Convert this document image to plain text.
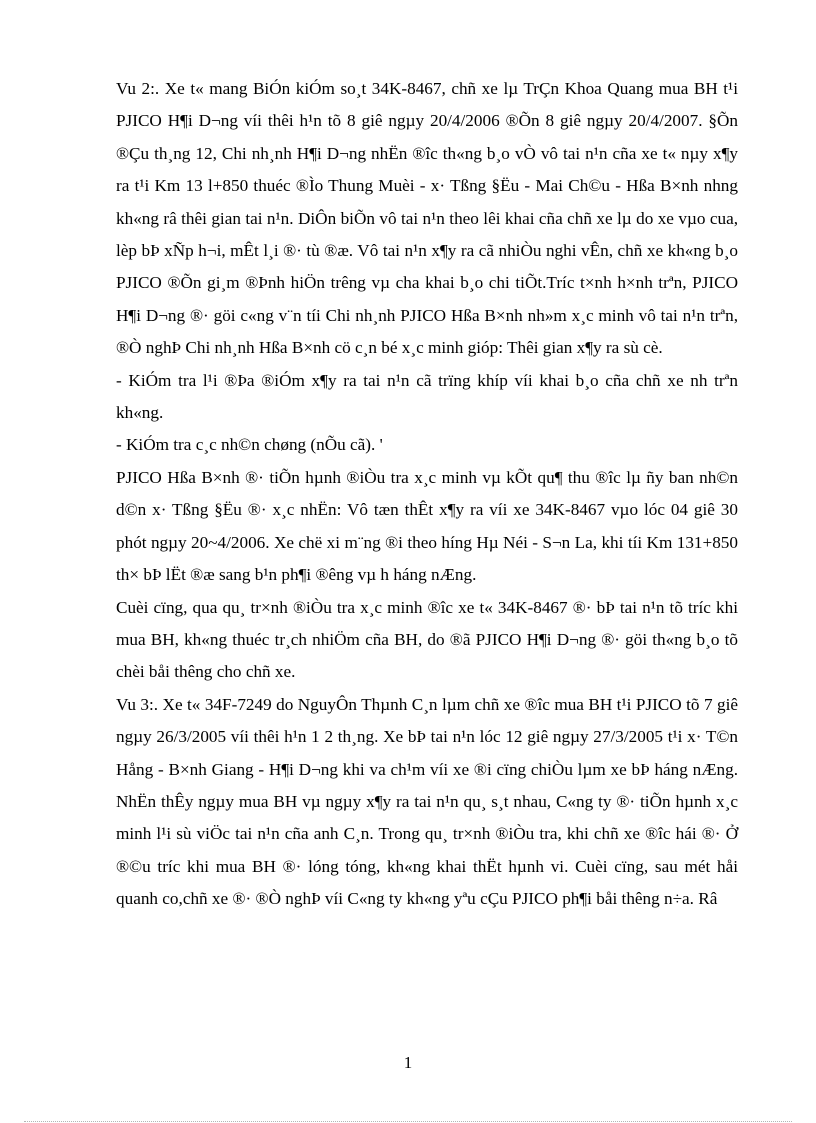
Vu 2:. Xe t« mang BiÓn kiÓm so¸t 34K-8467, chñ xe lµ TrÇn Khoa Quang mua BH t¹i PJICO H¶i D¬ng víi thêi h¹n tõ 8 giê ngµy 20/4/2006 ®Õn 8 giê ngµy 20/4/2007. §Õn ®Çu th¸ng 12, Chi nh¸nh H¶i D¬ng nhËn ®îc th«ng b¸o vÒ vô tai n¹n cña xe t« nµy x¶y ra t¹i Km 13 l+850 thuéc ®Ìo Thung Muèi - x· Tßng §Ëu - Mai Ch©u - Hßa B×nh nhng kh«ng râ thêi gian tai n¹n. DiÔn biÕn vô tai n¹n theo lêi khai cña chñ xe lµ do xe vµo cua, lèp bÞ xÑp h¬i, mÊt l¸i ®· tù ®æ. Vô tai n¹n x¶y ra cã nhiÒu nghi vÊn, chñ xe kh«ng b¸o PJICO ®Õn gi¸m ®Þnh hiÖn trêng vµ cha khai b¸o chi tiÕt.Tríc t×nh h×nh trªn, PJICO H¶i D¬ng ®· göi c«ng v¨n tíi Chi nh¸nh PJICO Hßa B×nh nh»m x¸c minh vô tai n¹n trªn, ®Ò nghÞ Chi nh¸nh Hßa B×nh cö c¸n bé x¸c minh gióp: Thêi gian x¶y ra sù cè.

- KiÓm tra l¹i ®Þa ®iÓm x¶y ra tai n¹n cã trïng khíp víi khai b¸o cña chñ xe nh trªn kh«ng.

- KiÓm tra c¸c nh©n chøng (nÕu cã). '

PJICO Hßa B×nh ®· tiÕn hµnh ®iÒu tra x¸c minh vµ kÕt qu¶ thu ®îc lµ ñy ban nh©n d©n x· Tßng §Ëu ®· x¸c nhËn: Vô tæn thÊt x¶y ra víi xe 34K-8467 vµo lóc 04 giê 30 phót ngµy 20~4/2006. Xe chë xi m¨ng ®i theo híng Hµ Néi - S¬n La, khi tíi Km 131+850 th× bÞ lËt ®æ sang b¹n ph¶i ®êng vµ h háng nÆng.

Cuèi cïng, qua qu¸ tr×nh ®iÒu tra x¸c minh ®îc xe t« 34K-8467 ®· bÞ tai n¹n tõ tríc khi mua BH, kh«ng thuéc tr¸ch nhiÖm cña BH, do ®ã PJICO H¶i D¬ng ®· göi th«ng b¸o tõ chèi båi thêng cho chñ xe.

Vu 3:. Xe t« 34F-7249 do NguyÔn Thµnh C¸n lµm chñ xe ®îc mua BH t¹i PJICO tõ 7 giê ngµy 26/3/2005 víi thêi h¹n 1 2 th¸ng. Xe bÞ tai n¹n lóc 12 giê ngµy 27/3/2005 t¹i x· T©n Hång - B×nh Giang - H¶i D¬ng khi va ch¹m víi xe ®i cïng chiÒu lµm xe bÞ háng nÆng. NhËn thÊy ngµy mua BH vµ ngµy x¶y ra tai n¹n qu¸ s¸t nhau, C«ng ty ®· tiÕn hµnh x¸c minh l¹i sù viÖc tai n¹n cña anh C¸n. Trong qu¸ tr×nh ®iÒu tra, khi chñ xe ®îc hái ®· Ở ®©u tríc khi mua BH ®· lóng tóng, kh«ng khai thËt hµnh vi. Cuèi cïng, sau mét håi quanh co,chñ xe ®· ®Ò nghÞ víi C«ng ty kh«ng yªu cÇu PJICO ph¶i båi thêng n÷a. Râ

1
